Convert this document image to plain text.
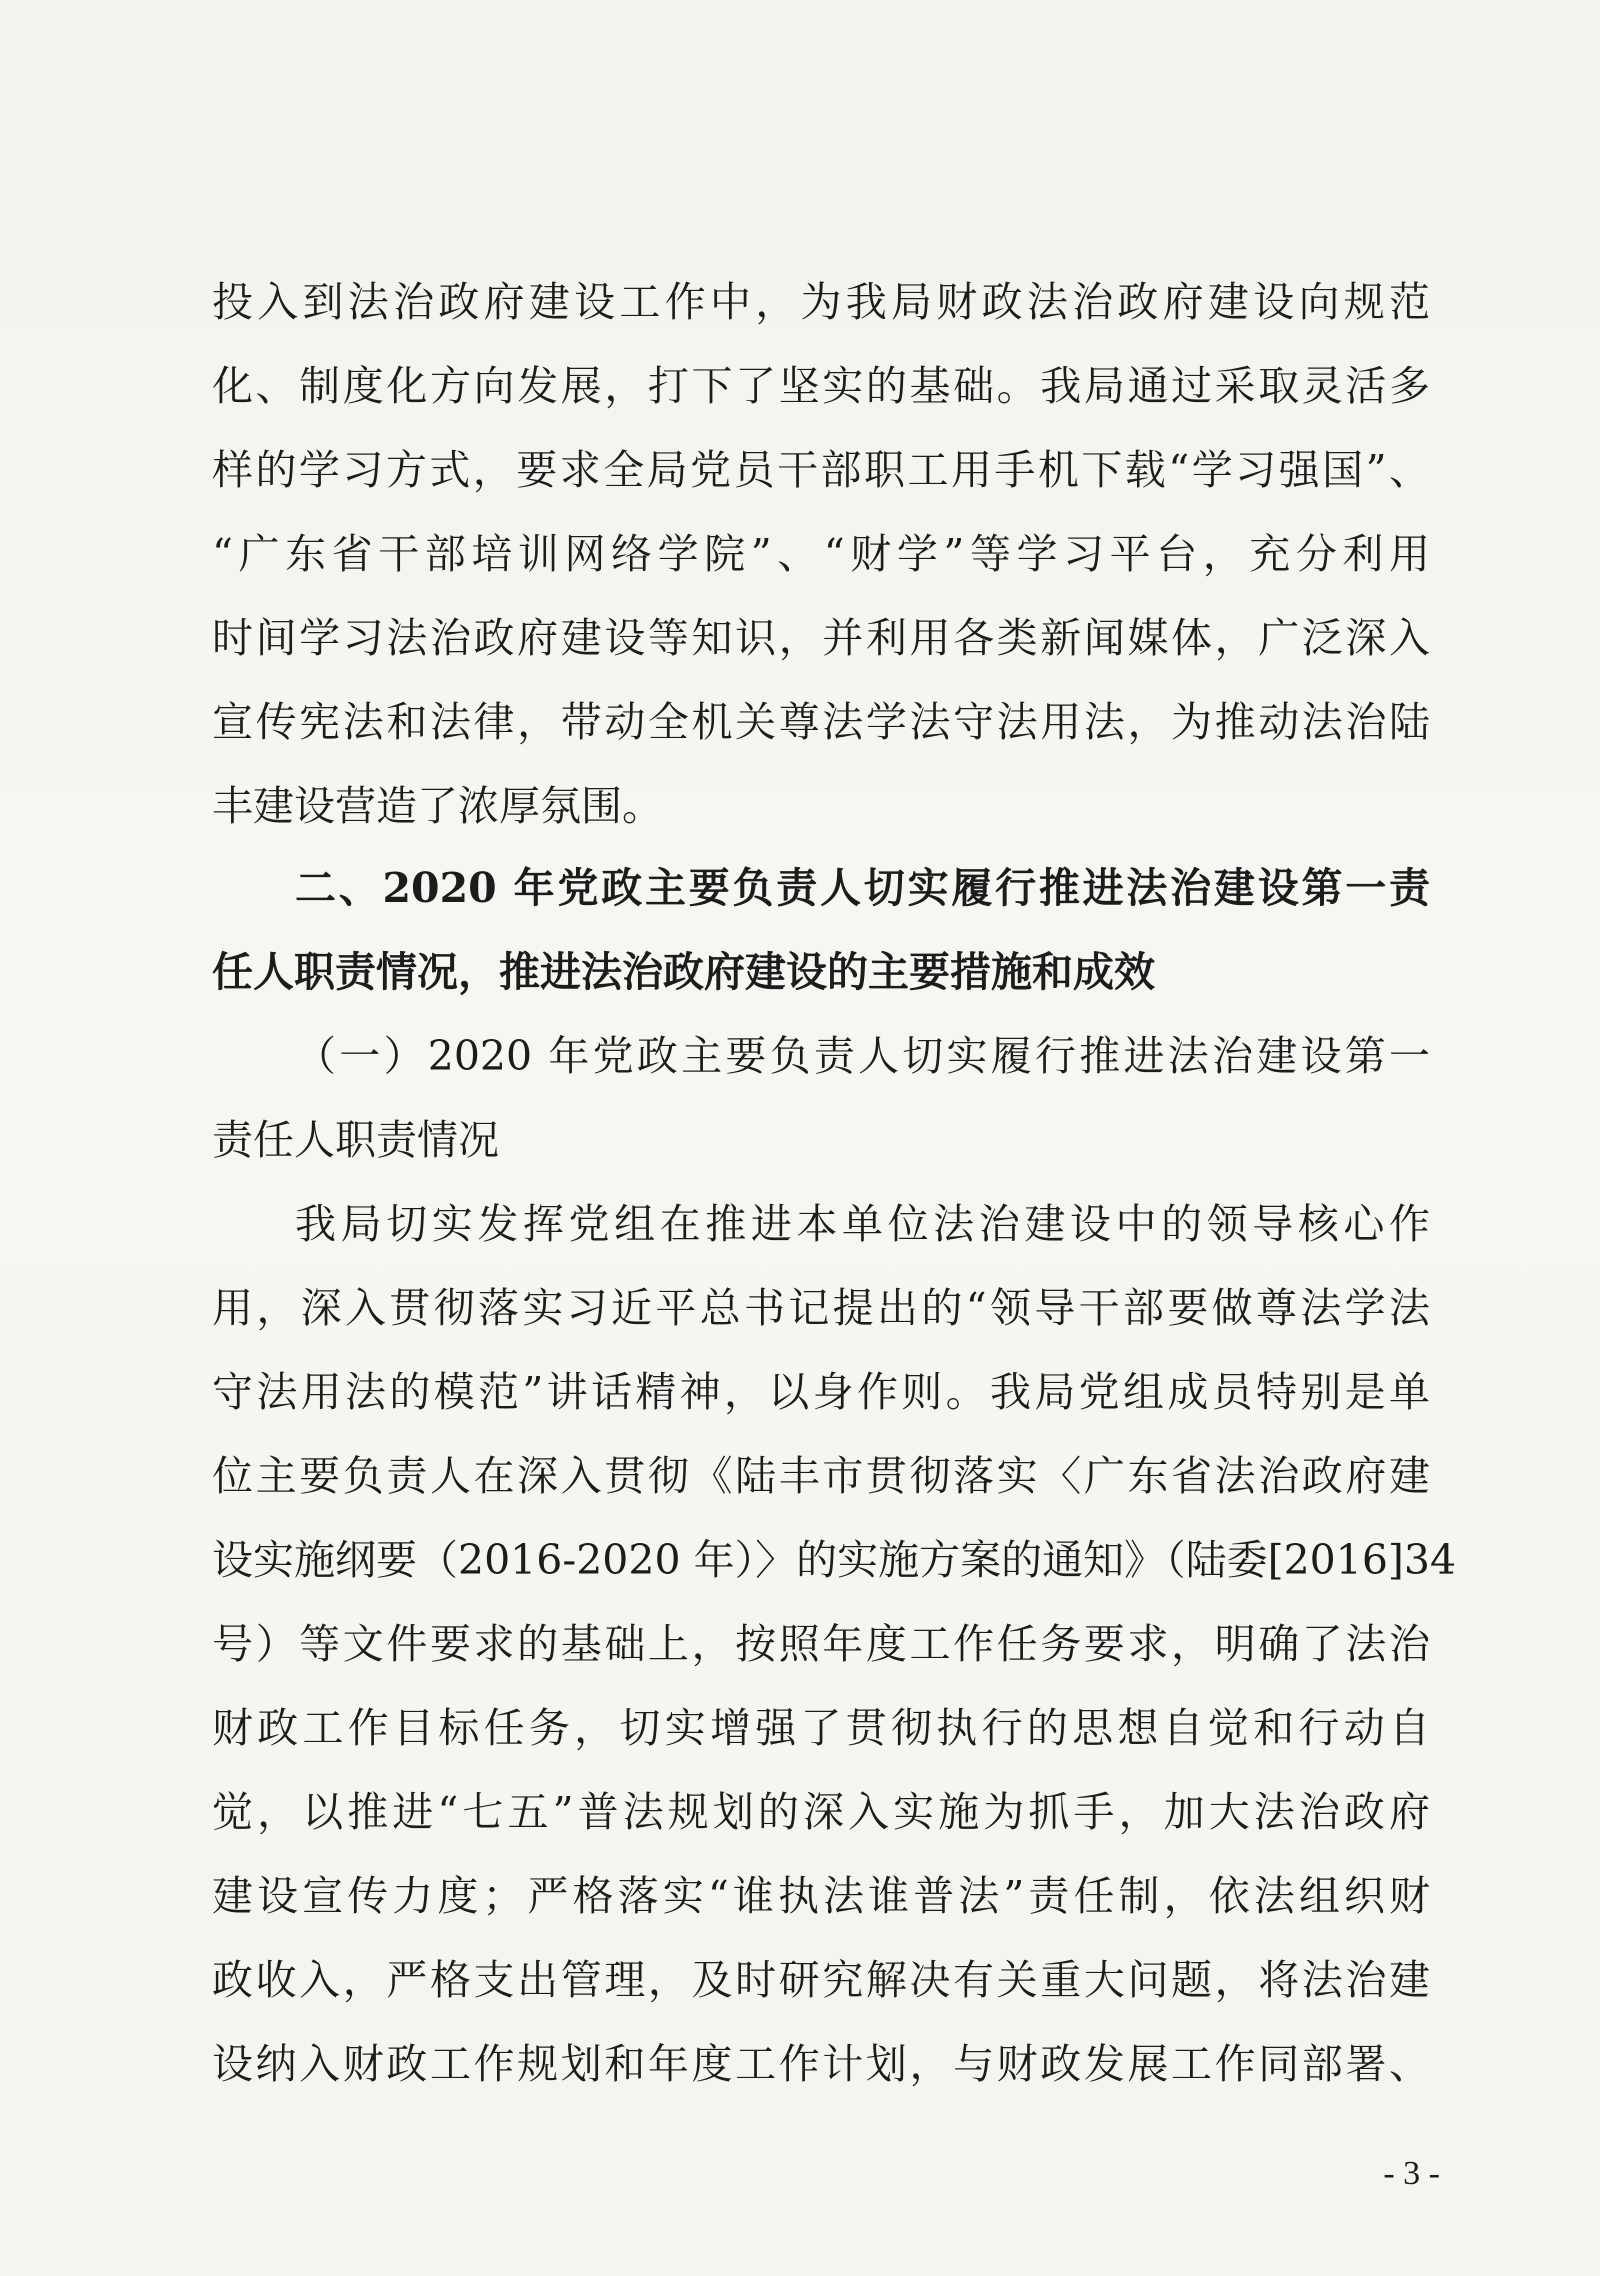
投入到法治政府建设工作中，为我局财政法治政府建设向规范
化、制度化方向发展，打下了坚实的基础。我局通过采取灵活多
样的学习方式，要求全局党员干部职工用手机下载“学习强国”、
“广东省干部培训网络学院”、“财学”等学习平台，充分利用
时间学习法治政府建设等知识，并利用各类新闻媒体，广泛深入
宣传宪法和法律，带动全机关尊法学法守法用法，为推动法治陆
丰建设营造了浓厚氛围。
二、2020 年党政主要负责人切实履行推进法治建设第一责
任人职责情况，推进法治政府建设的主要措施和成效
（一）2020 年党政主要负责人切实履行推进法治建设第一
责任人职责情况
我局切实发挥党组在推进本单位法治建设中的领导核心作
用，深入贯彻落实习近平总书记提出的“领导干部要做尊法学法
守法用法的模范”讲话精神，以身作则。我局党组成员特别是单
位主要负责人在深入贯彻《陆丰市贯彻落实〈广东省法治政府建
设实施纲要（2016-2020 年）〉的实施方案的通知》（陆委[2016]34
号）等文件要求的基础上，按照年度工作任务要求，明确了法治
财政工作目标任务，切实增强了贯彻执行的思想自觉和行动自
觉，以推进“七五”普法规划的深入实施为抓手，加大法治政府
建设宣传力度；严格落实“谁执法谁普法”责任制，依法组织财
政收入，严格支出管理，及时研究解决有关重大问题，将法治建
设纳入财政工作规划和年度工作计划，与财政发展工作同部署、
- 3 -
